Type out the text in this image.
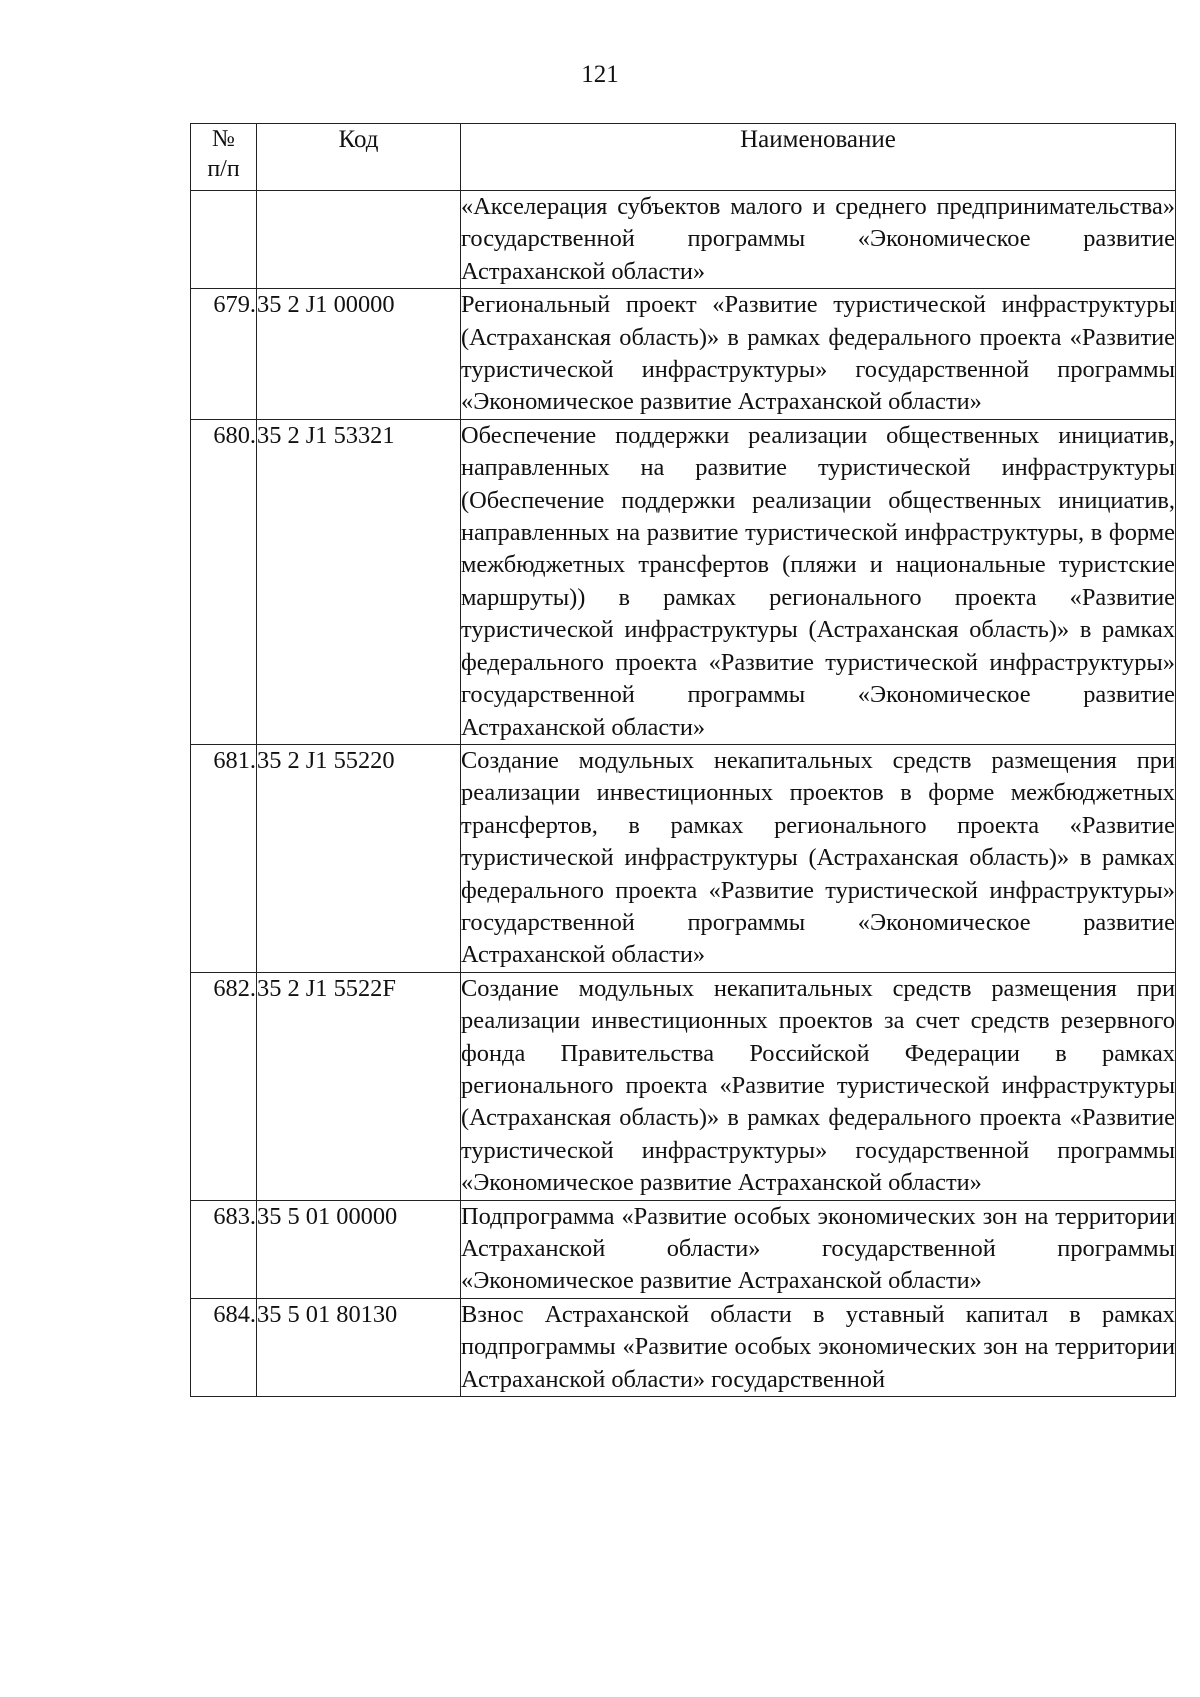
121
№
п/п	Код	Наименование

		«Акселерация субъектов малого и среднего предпринимательства» государственной программы «Экономическое развитие Астраханской области»

679.	35 2 J1 00000	Региональный проект «Развитие туристической инфраструктуры (Астраханская область)» в рамках федерального проекта «Развитие туристической инфраструктуры» государственной программы «Экономическое развитие Астраханской области»

680.	35 2 J1 53321	Обеспечение поддержки реализации общественных инициатив, направленных на развитие туристической инфраструктуры (Обеспечение поддержки реализации общественных инициатив, направленных на развитие туристической инфраструктуры, в форме межбюджетных трансфертов (пляжи и национальные туристские маршруты)) в рамках регионального проекта «Развитие туристической инфраструктуры (Астраханская область)» в рамках федерального проекта «Развитие туристической инфраструктуры» государственной программы «Экономическое развитие Астраханской области»

681.	35 2 J1 55220	Создание модульных некапитальных средств размещения при реализации инвестиционных проектов в форме межбюджетных трансфертов, в рамках регионального проекта «Развитие туристической инфраструктуры (Астраханская область)» в рамках федерального проекта «Развитие туристической инфраструктуры» государственной программы «Экономическое развитие Астраханской области»

682.	35 2 J1 5522F	Создание модульных некапитальных средств размещения при реализации инвестиционных проектов за счет средств резервного фонда Правительства Российской Федерации в рамках регионального проекта «Развитие туристической инфраструктуры (Астраханская область)» в рамках федерального проекта «Развитие туристической инфраструктуры» государственной программы «Экономическое развитие Астраханской области»

683.	35 5 01 00000	Подпрограмма «Развитие особых экономических зон на территории Астраханской области» государственной программы «Экономическое развитие Астраханской области»

684.	35 5 01 80130	Взнос Астраханской области в уставный капитал в рамках подпрограммы «Развитие особых экономических зон на территории Астраханской области» государственной
